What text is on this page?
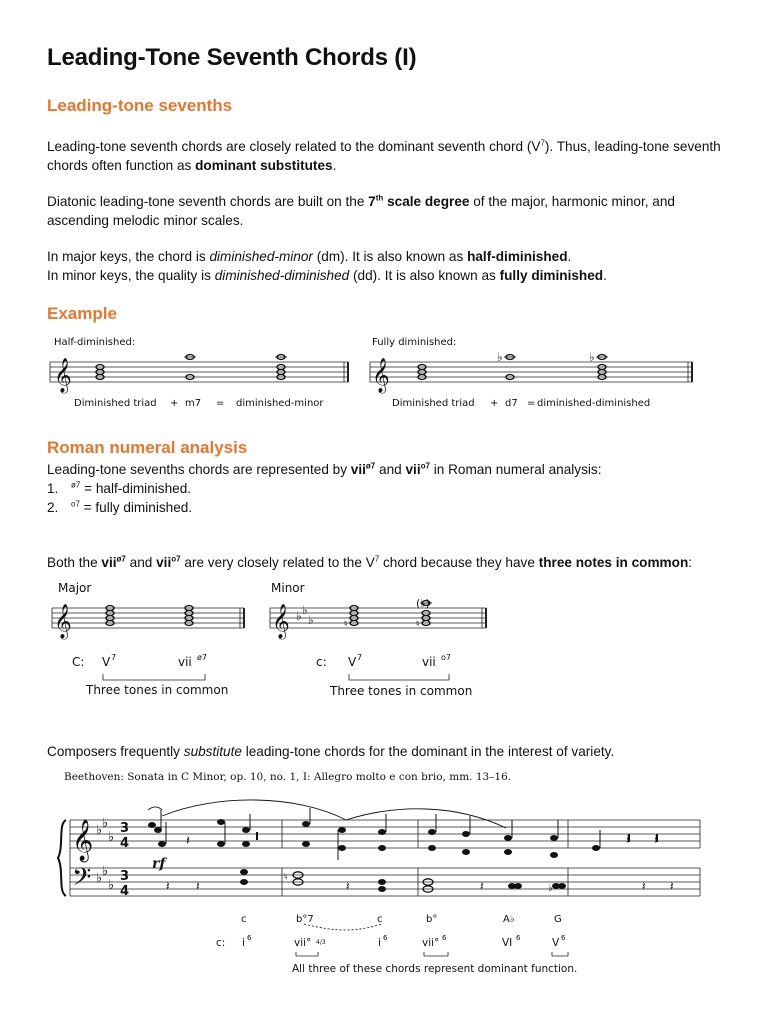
Leading-Tone Seventh Chords (I)
Leading-tone sevenths

Leading-tone seventh chords are closely related to the dominant seventh chord $(V^7)$. Thus, leading-tone seventh chords often function as dominant substitutes.

Diatonic leading-tone seventh chords are built on the 7th scale degree of the major, harmonic minor, and ascending melodic minor scales.

In major keys, the chord is diminished-minor (dm). It is also known as half-diminished.

In minor keys, the quality is diminished-diminished (dd). It is also known as fully diminished.

Example
Half-diminished:
𝄞
Diminished triad + m7 = diminished-minor
Fully diminished:
𝄞
♭	♭
Diminished triad + d7 = diminished-diminished
Roman numeral analysis

Leading-tone sevenths chords are represented by vii$^{ø7}$ and vii$^{o7}$ in Roman numeral analysis:

1. $^{ø7}$ = half-diminished.

2. $^{o7}$ = fully diminished.

Both the vii$^{ø7}$ and vii$^{o7}$ are very closely related to the $V^7$ chord because they have three notes in common:

Major
𝄞
C: V 7	vii ø7
Three tones in common
Minor
𝄞 ♭ ♭
♭	♮	♮
(♭)
c: V 7	vii o7
Three tones in common

Composers frequently substitute leading-tone chords for the dominant in the interest of variety.

Beethoven: Sonata in C Minor, op. 10, no. 1, I: Allegro molto e con brio, mm. 13–16.
𝄞
𝄢
♭ ♭
♭
♭ ♭
♭
3
4
3
4
𝄽	𝄽 𝄽
rf
♮
♭
𝄽 𝄽	𝄽	𝄽	𝄽 𝄽
c	b°7	c	b°	A♭	G
c: i 6	vii° 4/3	i 6	vii° 6	VI 6	V 6
All three of these chords represent dominant function.
